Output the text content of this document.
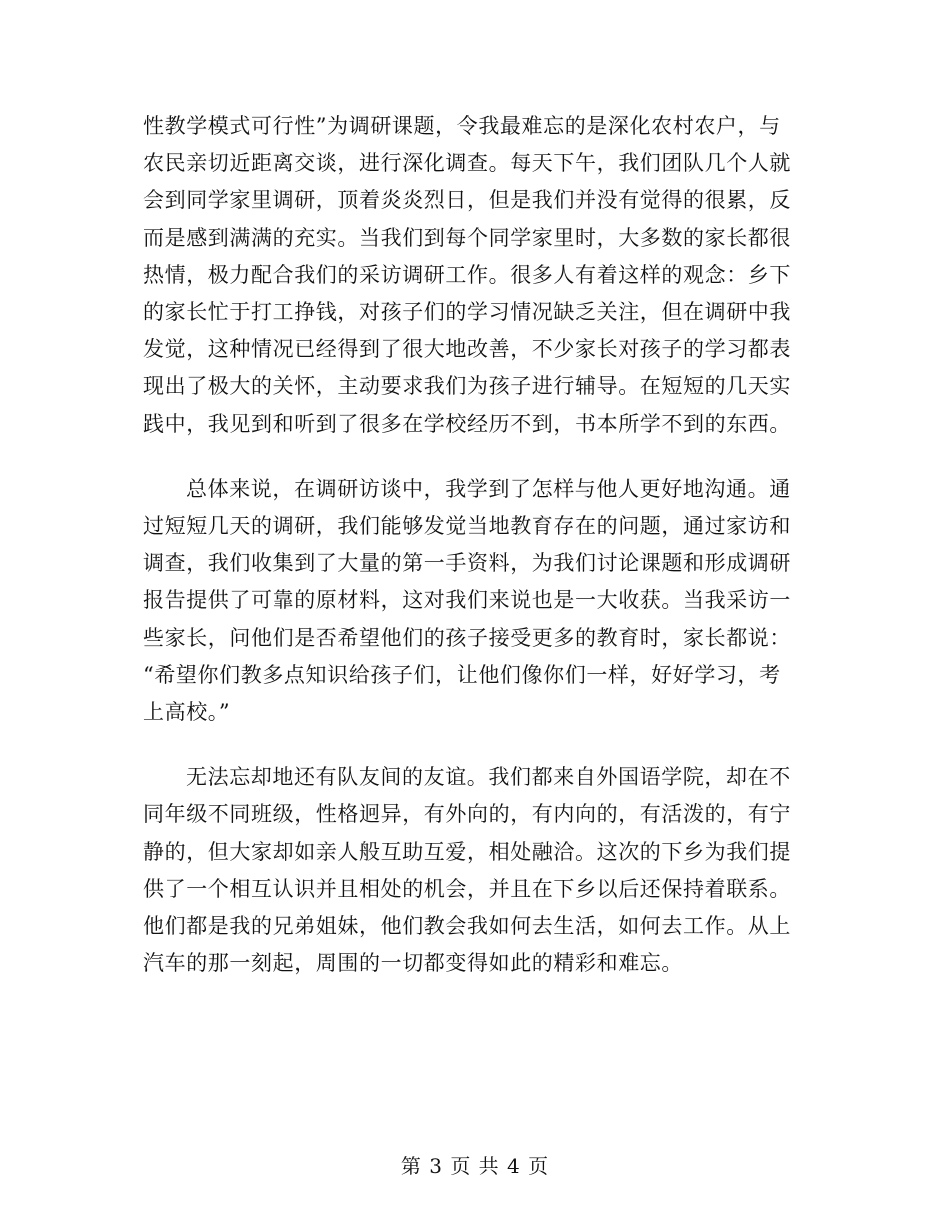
性教学模式可行性”为调研课题，令我最难忘的是深化农村农户，与
农民亲切近距离交谈，进行深化调查。每天下午，我们团队几个人就
会到同学家里调研，顶着炎炎烈日，但是我们并没有觉得的很累，反
而是感到满满的充实。当我们到每个同学家里时，大多数的家长都很
热情，极力配合我们的采访调研工作。很多人有着这样的观念：乡下
的家长忙于打工挣钱，对孩子们的学习情况缺乏关注，但在调研中我
发觉，这种情况已经得到了很大地改善，不少家长对孩子的学习都表
现出了极大的关怀，主动要求我们为孩子进行辅导。在短短的几天实
践中，我见到和听到了很多在学校经历不到，书本所学不到的东西。

总体来说，在调研访谈中，我学到了怎样与他人更好地沟通。通
过短短几天的调研，我们能够发觉当地教育存在的问题，通过家访和
调查，我们收集到了大量的第一手资料，为我们讨论课题和形成调研
报告提供了可靠的原材料，这对我们来说也是一大收获。当我采访一
些家长，问他们是否希望他们的孩子接受更多的教育时，家长都说：
“希望你们教多点知识给孩子们，让他们像你们一样，好好学习，考
上高校。”

无法忘却地还有队友间的友谊。我们都来自外国语学院，却在不
同年级不同班级，性格迥异，有外向的，有内向的，有活泼的，有宁
静的，但大家却如亲人般互助互爱，相处融洽。这次的下乡为我们提
供了一个相互认识并且相处的机会，并且在下乡以后还保持着联系。
他们都是我的兄弟姐妹，他们教会我如何去生活，如何去工作。从上
汽车的那一刻起，周围的一切都变得如此的精彩和难忘。

第 3 页 共 4 页
